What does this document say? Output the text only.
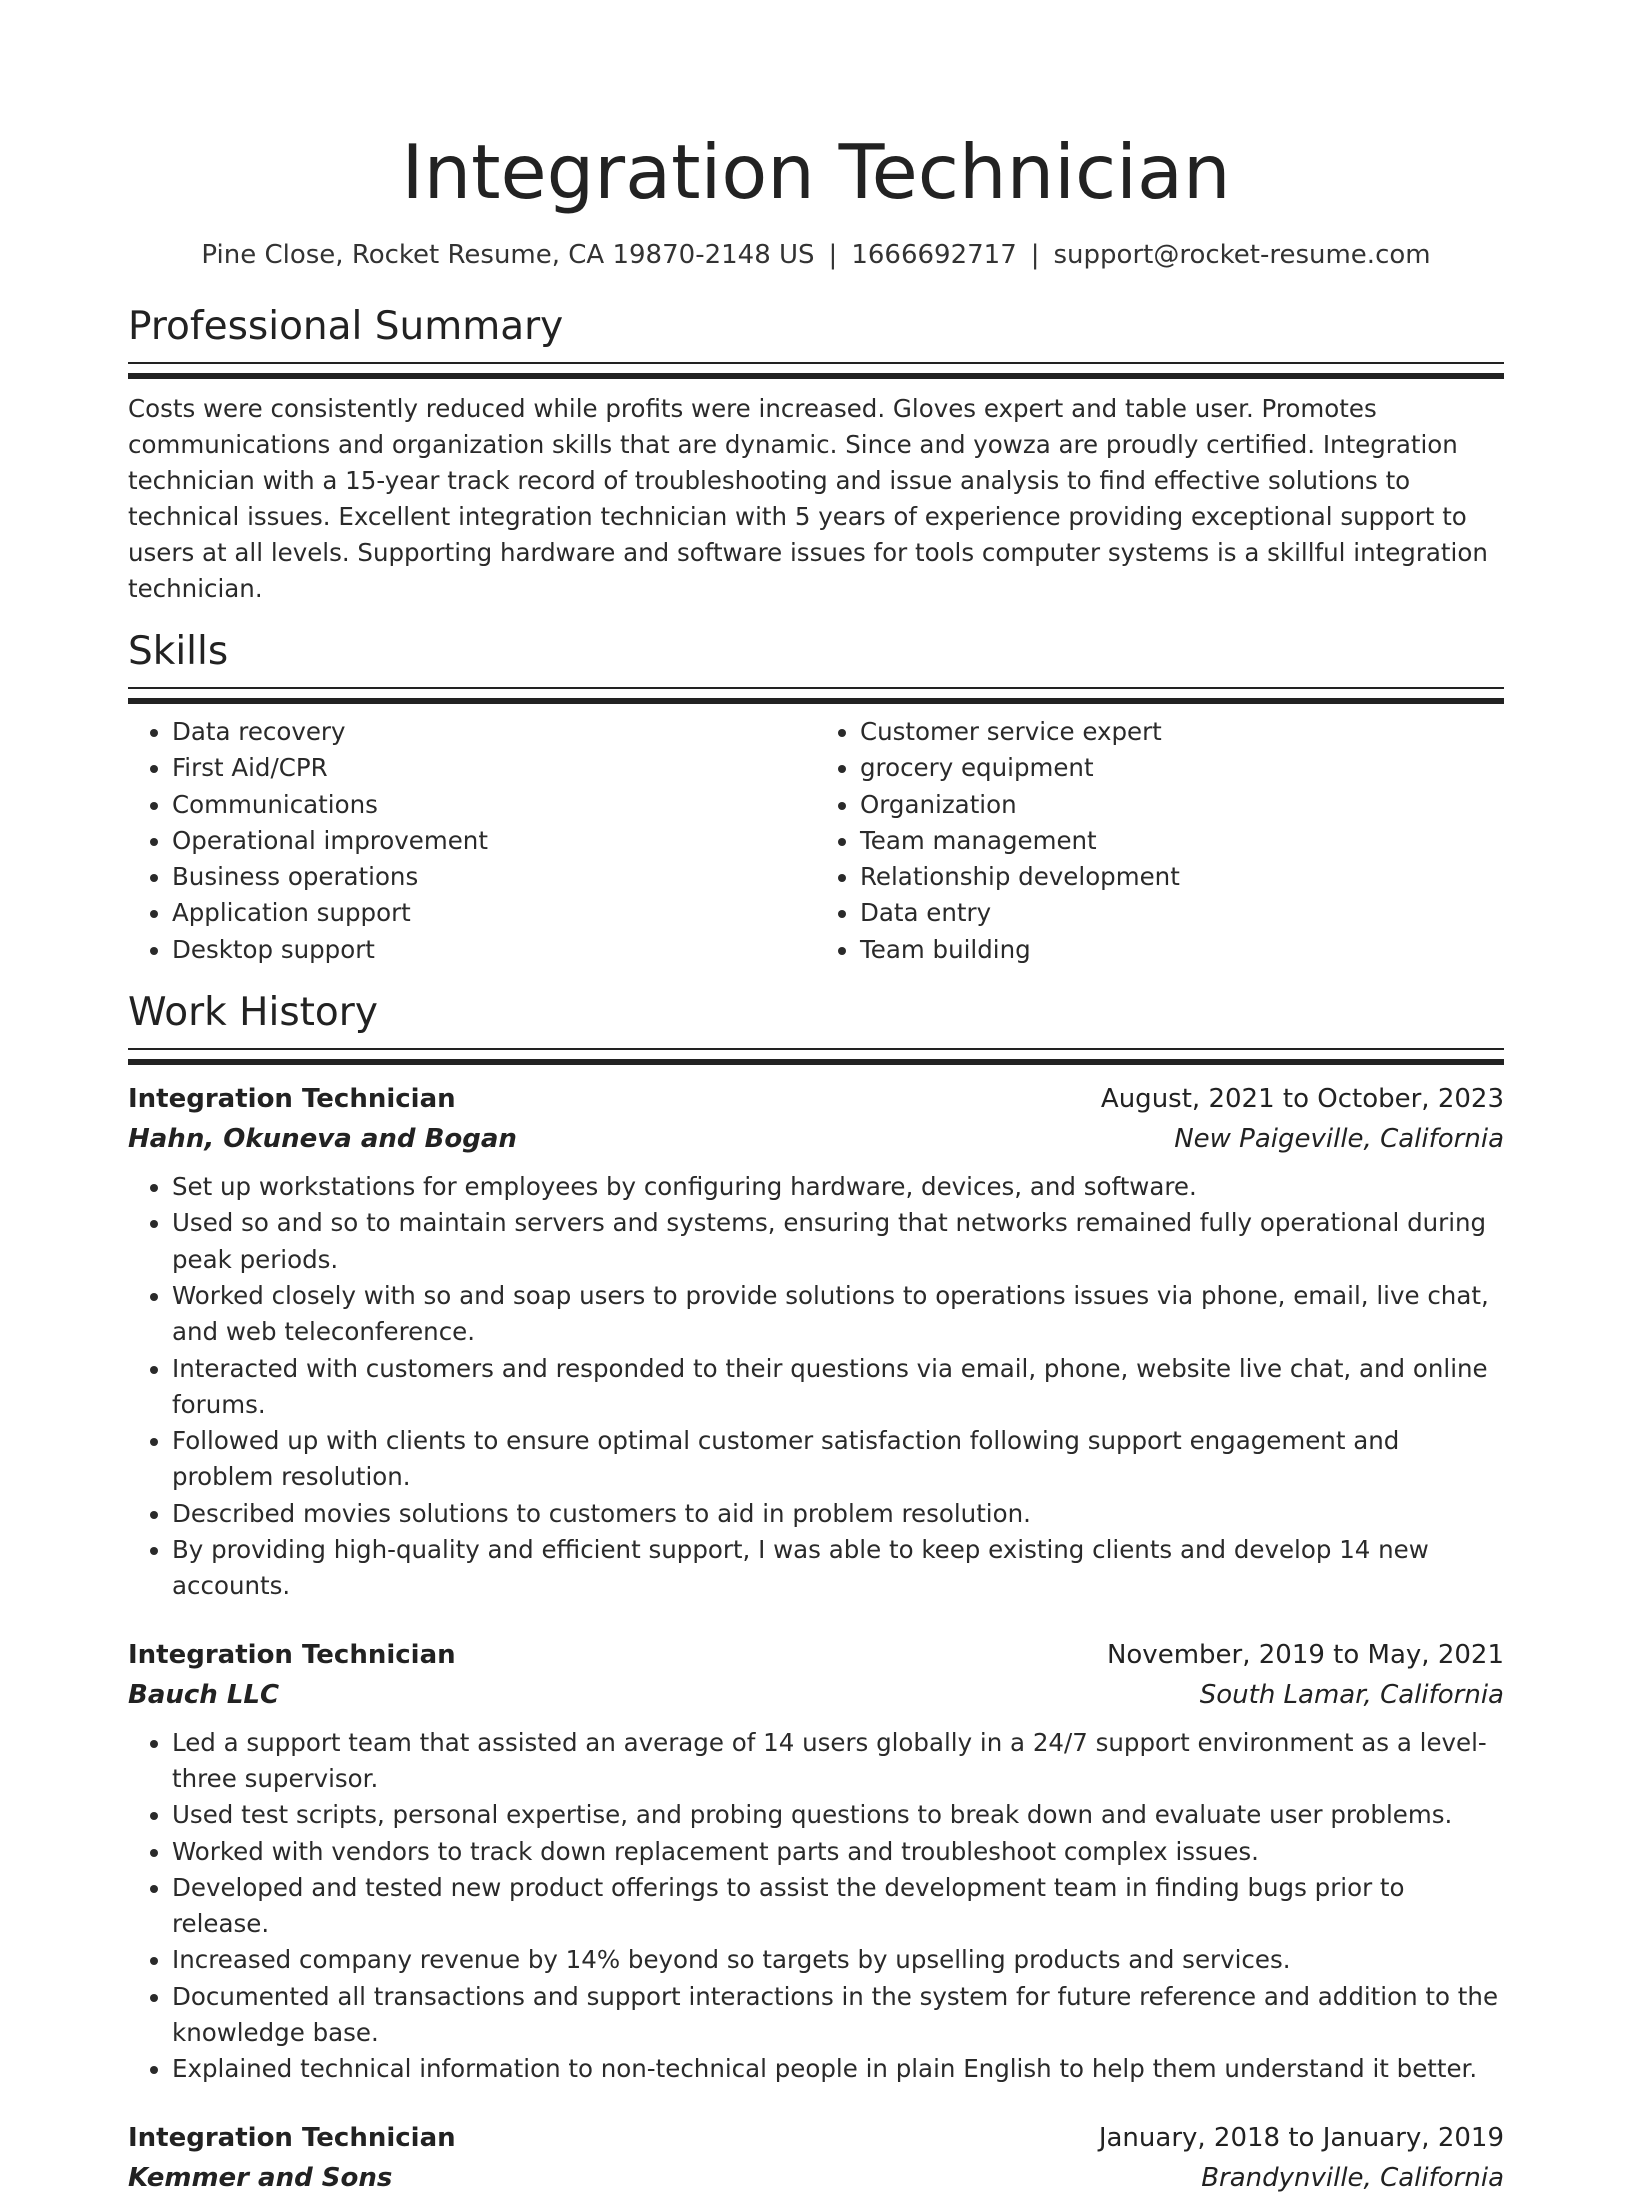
Integration Technician
Pine Close, Rocket Resume, CA 19870-2148 US | 1666692717 | support@rocket-resume.com
Professional Summary

Costs were consistently reduced while profits were increased. Gloves expert and table user. Promotes communications and organization skills that are dynamic. Since and yowza are proudly certified. Integration technician with a 15-year track record of troubleshooting and issue analysis to find effective solutions to technical issues. Excellent integration technician with 5 years of experience providing exceptional support to users at all levels. Supporting hardware and software issues for tools computer systems is a skillful integration technician.

Skills
• Data recovery
• First Aid/CPR
• Communications
• Operational improvement
• Business operations
• Application support
• Desktop support
• Customer service expert
• grocery equipment
• Organization
• Team management
• Relationship development
• Data entry
• Team building
Work History
Integration Technician	August, 2021 to October, 2023
Hahn, Okuneva and Bogan	New Paigeville, California
• Set up workstations for employees by configuring hardware, devices, and software.
• Used so and so to maintain servers and systems, ensuring that networks remained fully operational during peak periods.
• Worked closely with so and soap users to provide solutions to operations issues via phone, email, live chat, and web teleconference.
• Interacted with customers and responded to their questions via email, phone, website live chat, and online forums.
• Followed up with clients to ensure optimal customer satisfaction following support engagement and problem resolution.
• Described movies solutions to customers to aid in problem resolution.
• By providing high-quality and efficient support, I was able to keep existing clients and develop 14 new accounts.
Integration Technician	November, 2019 to May, 2021
Bauch LLC	South Lamar, California
• Led a support team that assisted an average of 14 users globally in a 24/7 support environment as a level-three supervisor.
• Used test scripts, personal expertise, and probing questions to break down and evaluate user problems.
• Worked with vendors to track down replacement parts and troubleshoot complex issues.
• Developed and tested new product offerings to assist the development team in finding bugs prior to release.
• Increased company revenue by 14% beyond so targets by upselling products and services.
• Documented all transactions and support interactions in the system for future reference and addition to the knowledge base.
• Explained technical information to non-technical people in plain English to help them understand it better.
Integration Technician	January, 2018 to January, 2019
Kemmer and Sons	Brandynville, California
